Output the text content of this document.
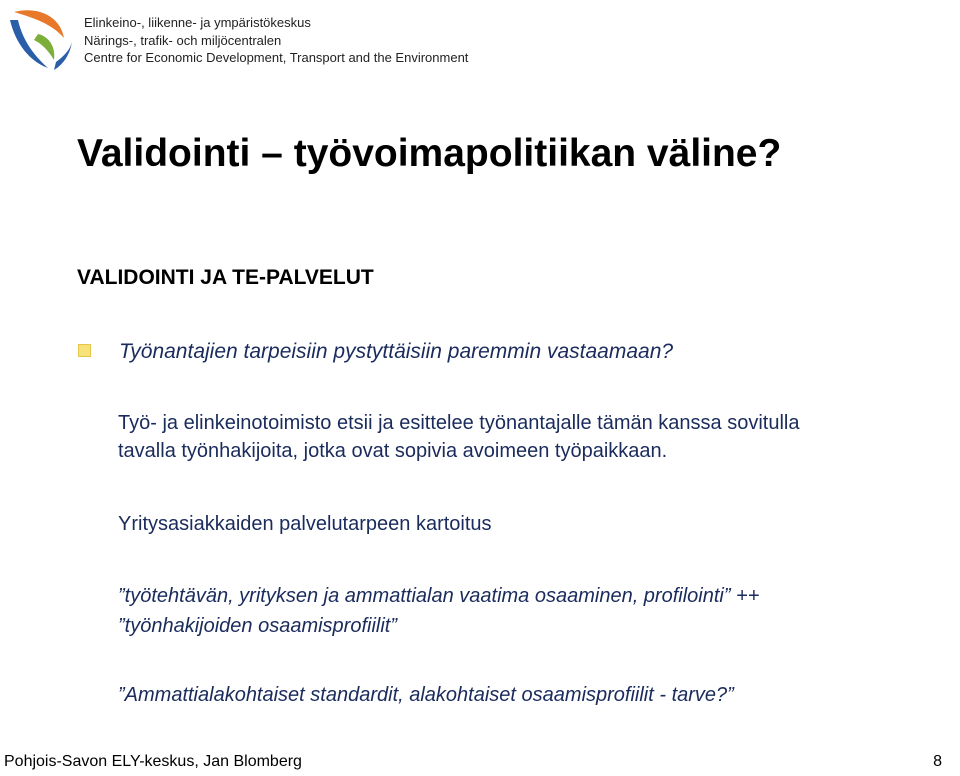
Elinkeino-, liikenne- ja ympäristökeskus
Närings-, trafik- och miljöcentralen
Centre for Economic Development, Transport and the Environment
Validointi – työvoimapolitiikan väline?
VALIDOINTI JA TE-PALVELUT
Työnantajien tarpeisiin pystyttäisiin paremmin vastaamaan?
Työ- ja elinkeinotoimisto etsii ja esittelee työnantajalle tämän kanssa sovitulla
tavalla työnhakijoita, jotka ovat sopivia avoimeen työpaikkaan.
Yritysasiakkaiden palvelutarpeen kartoitus
”työtehtävän, yrityksen ja ammattialan vaatima osaaminen, profilointi” ++
”työnhakijoiden osaamisprofiilit”
”Ammattialakohtaiset standardit, alakohtaiset osaamisprofiilit - tarve?”
Pohjois-Savon ELY-keskus, Jan Blomberg	8
